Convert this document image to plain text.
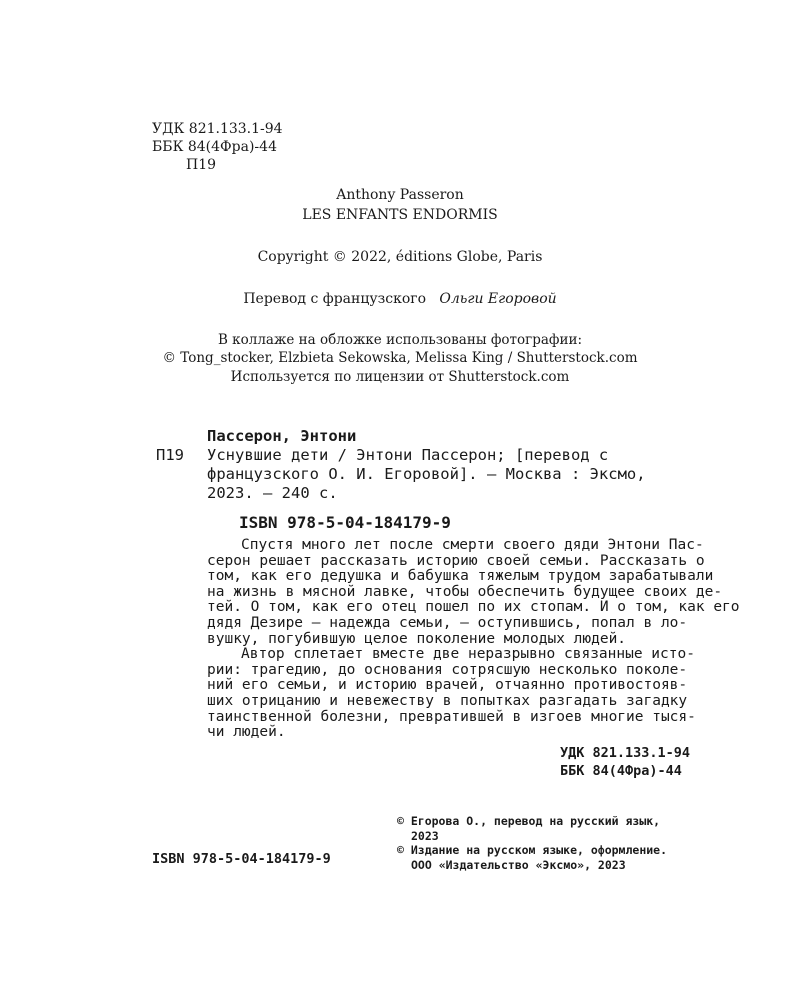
УДК 821.133.1-94
ББК 84(4Фра)-44
П19
Anthony Passeron
LES ENFANTS ENDORMIS
Copyright © 2022, éditions Globe, Paris
Перевод с французского Ольги Егоровой
В коллаже на обложке использованы фотографии:
© Tong_stocker, Elzbieta Sekowska, Melissa King / Shutterstock.com
Используется по лицензии от Shutterstock.com
Пассерон, Энтони
П19 Уснувшие дети / Энтони Пассерон; [перевод с
французского О. И. Егоровой]. — Москва : Эксмо,
2023. — 240 с.
ISBN 978-5-04-184179-9
Спустя много лет после смерти своего дяди Энтони Пас-
серон решает рассказать историю своей семьи. Рассказать о
том, как его дедушка и бабушка тяжелым трудом зарабатывали
на жизнь в мясной лавке, чтобы обеспечить будущее своих де-
тей. О том, как его отец пошел по их стопам. И о том, как его
дядя Дезире — надежда семьи, — оступившись, попал в ло-
вушку, погубившую целое поколение молодых людей.
Автор сплетает вместе две неразрывно связанные исто-
рии: трагедию, до основания сотрясшую несколько поколе-
ний его семьи, и историю врачей, отчаянно противостояв-
ших отрицанию и невежеству в попытках разгадать загадку
таинственной болезни, превратившей в изгоев многие тыся-
чи людей.
УДК 821.133.1-94
ББК 84(4Фра)-44
© Егорова О., перевод на русский язык,
2023
© Издание на русском языке, оформление.
ООО «Издательство «Эксмо», 2023
ISBN 978-5-04-184179-9
